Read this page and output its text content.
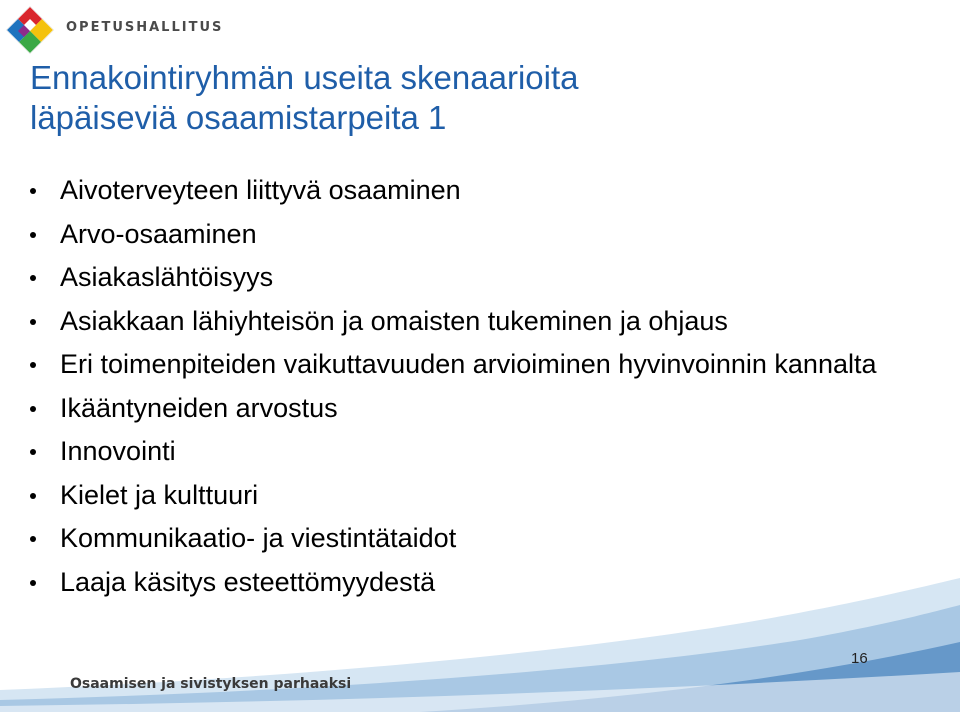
OPETUSHALLITUS
Ennakointiryhmän useita skenaarioita
läpäiseviä osaamistarpeita 1
Aivoterveyteen liittyvä osaaminen
Arvo-osaaminen
Asiakaslähtöisyys
Asiakkaan lähiyhteisön ja omaisten tukeminen ja ohjaus
Eri toimenpiteiden vaikuttavuuden arvioiminen hyvinvoinnin kannalta
Ikääntyneiden arvostus
Innovointi
Kielet ja kulttuuri
Kommunikaatio- ja viestintätaidot
Laaja käsitys esteettömyydestä
16
Osaamisen ja sivistyksen parhaaksi
